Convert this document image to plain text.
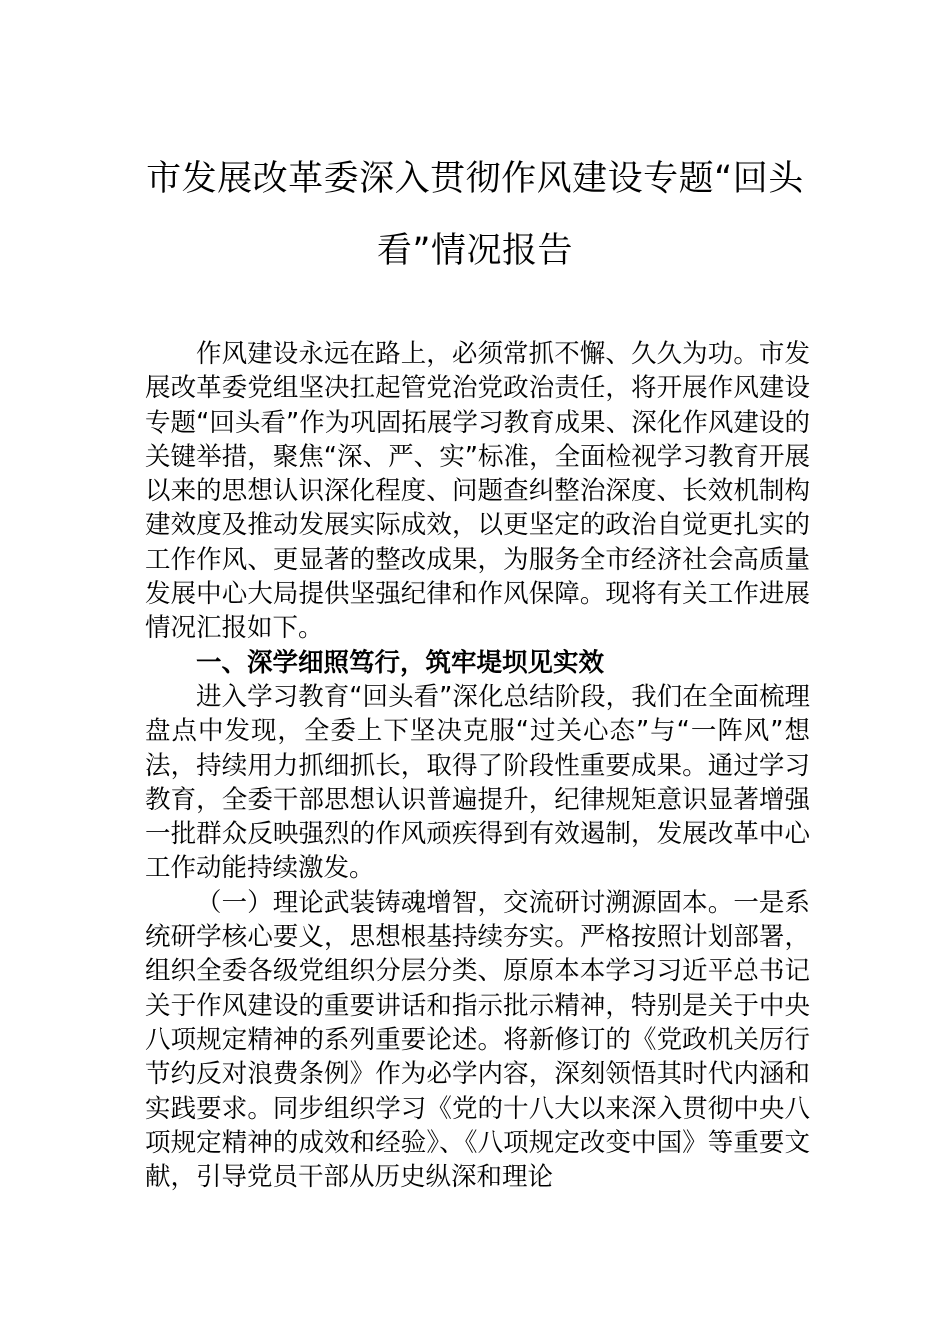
市发展改革委深入贯彻作风建设专题“回头看”情况报告

作风建设永远在路上，必须常抓不懈、久久为功。市发展改革委党组坚决扛起管党治党政治责任，将开展作风建设专题“回头看”作为巩固拓展学习教育成果、深化作风建设的关键举措，聚焦“深、严、实”标准，全面检视学习教育开展以来的思想认识深化程度、问题查纠整治深度、长效机制构建效度及推动发展实际成效，以更坚定的政治自觉更扎实的工作作风、更显著的整改成果，为服务全市经济社会高质量发展中心大局提供坚强纪律和作风保障。现将有关工作进展情况汇报如下。

一、深学细照笃行，筑牢堤坝见实效

进入学习教育“回头看”深化总结阶段，我们在全面梳理盘点中发现，全委上下坚决克服“过关心态”与“一阵风”想法，持续用力抓细抓长，取得了阶段性重要成果。通过学习教育，全委干部思想认识普遍提升，纪律规矩意识显著增强一批群众反映强烈的作风顽疾得到有效遏制，发展改革中心工作动能持续激发。

（一）理论武装铸魂增智，交流研讨溯源固本。一是系统研学核心要义，思想根基持续夯实。严格按照计划部署，组织全委各级党组织分层分类、原原本本学习习近平总书记关于作风建设的重要讲话和指示批示精神，特别是关于中央八项规定精神的系列重要论述。将新修订的《党政机关厉行节约反对浪费条例》作为必学内容，深刻领悟其时代内涵和实践要求。同步组织学习《党的十八大以来深入贯彻中央八项规定精神的成效和经验》、《八项规定改变中国》等重要文献，引导党员干部从历史纵深和理论
